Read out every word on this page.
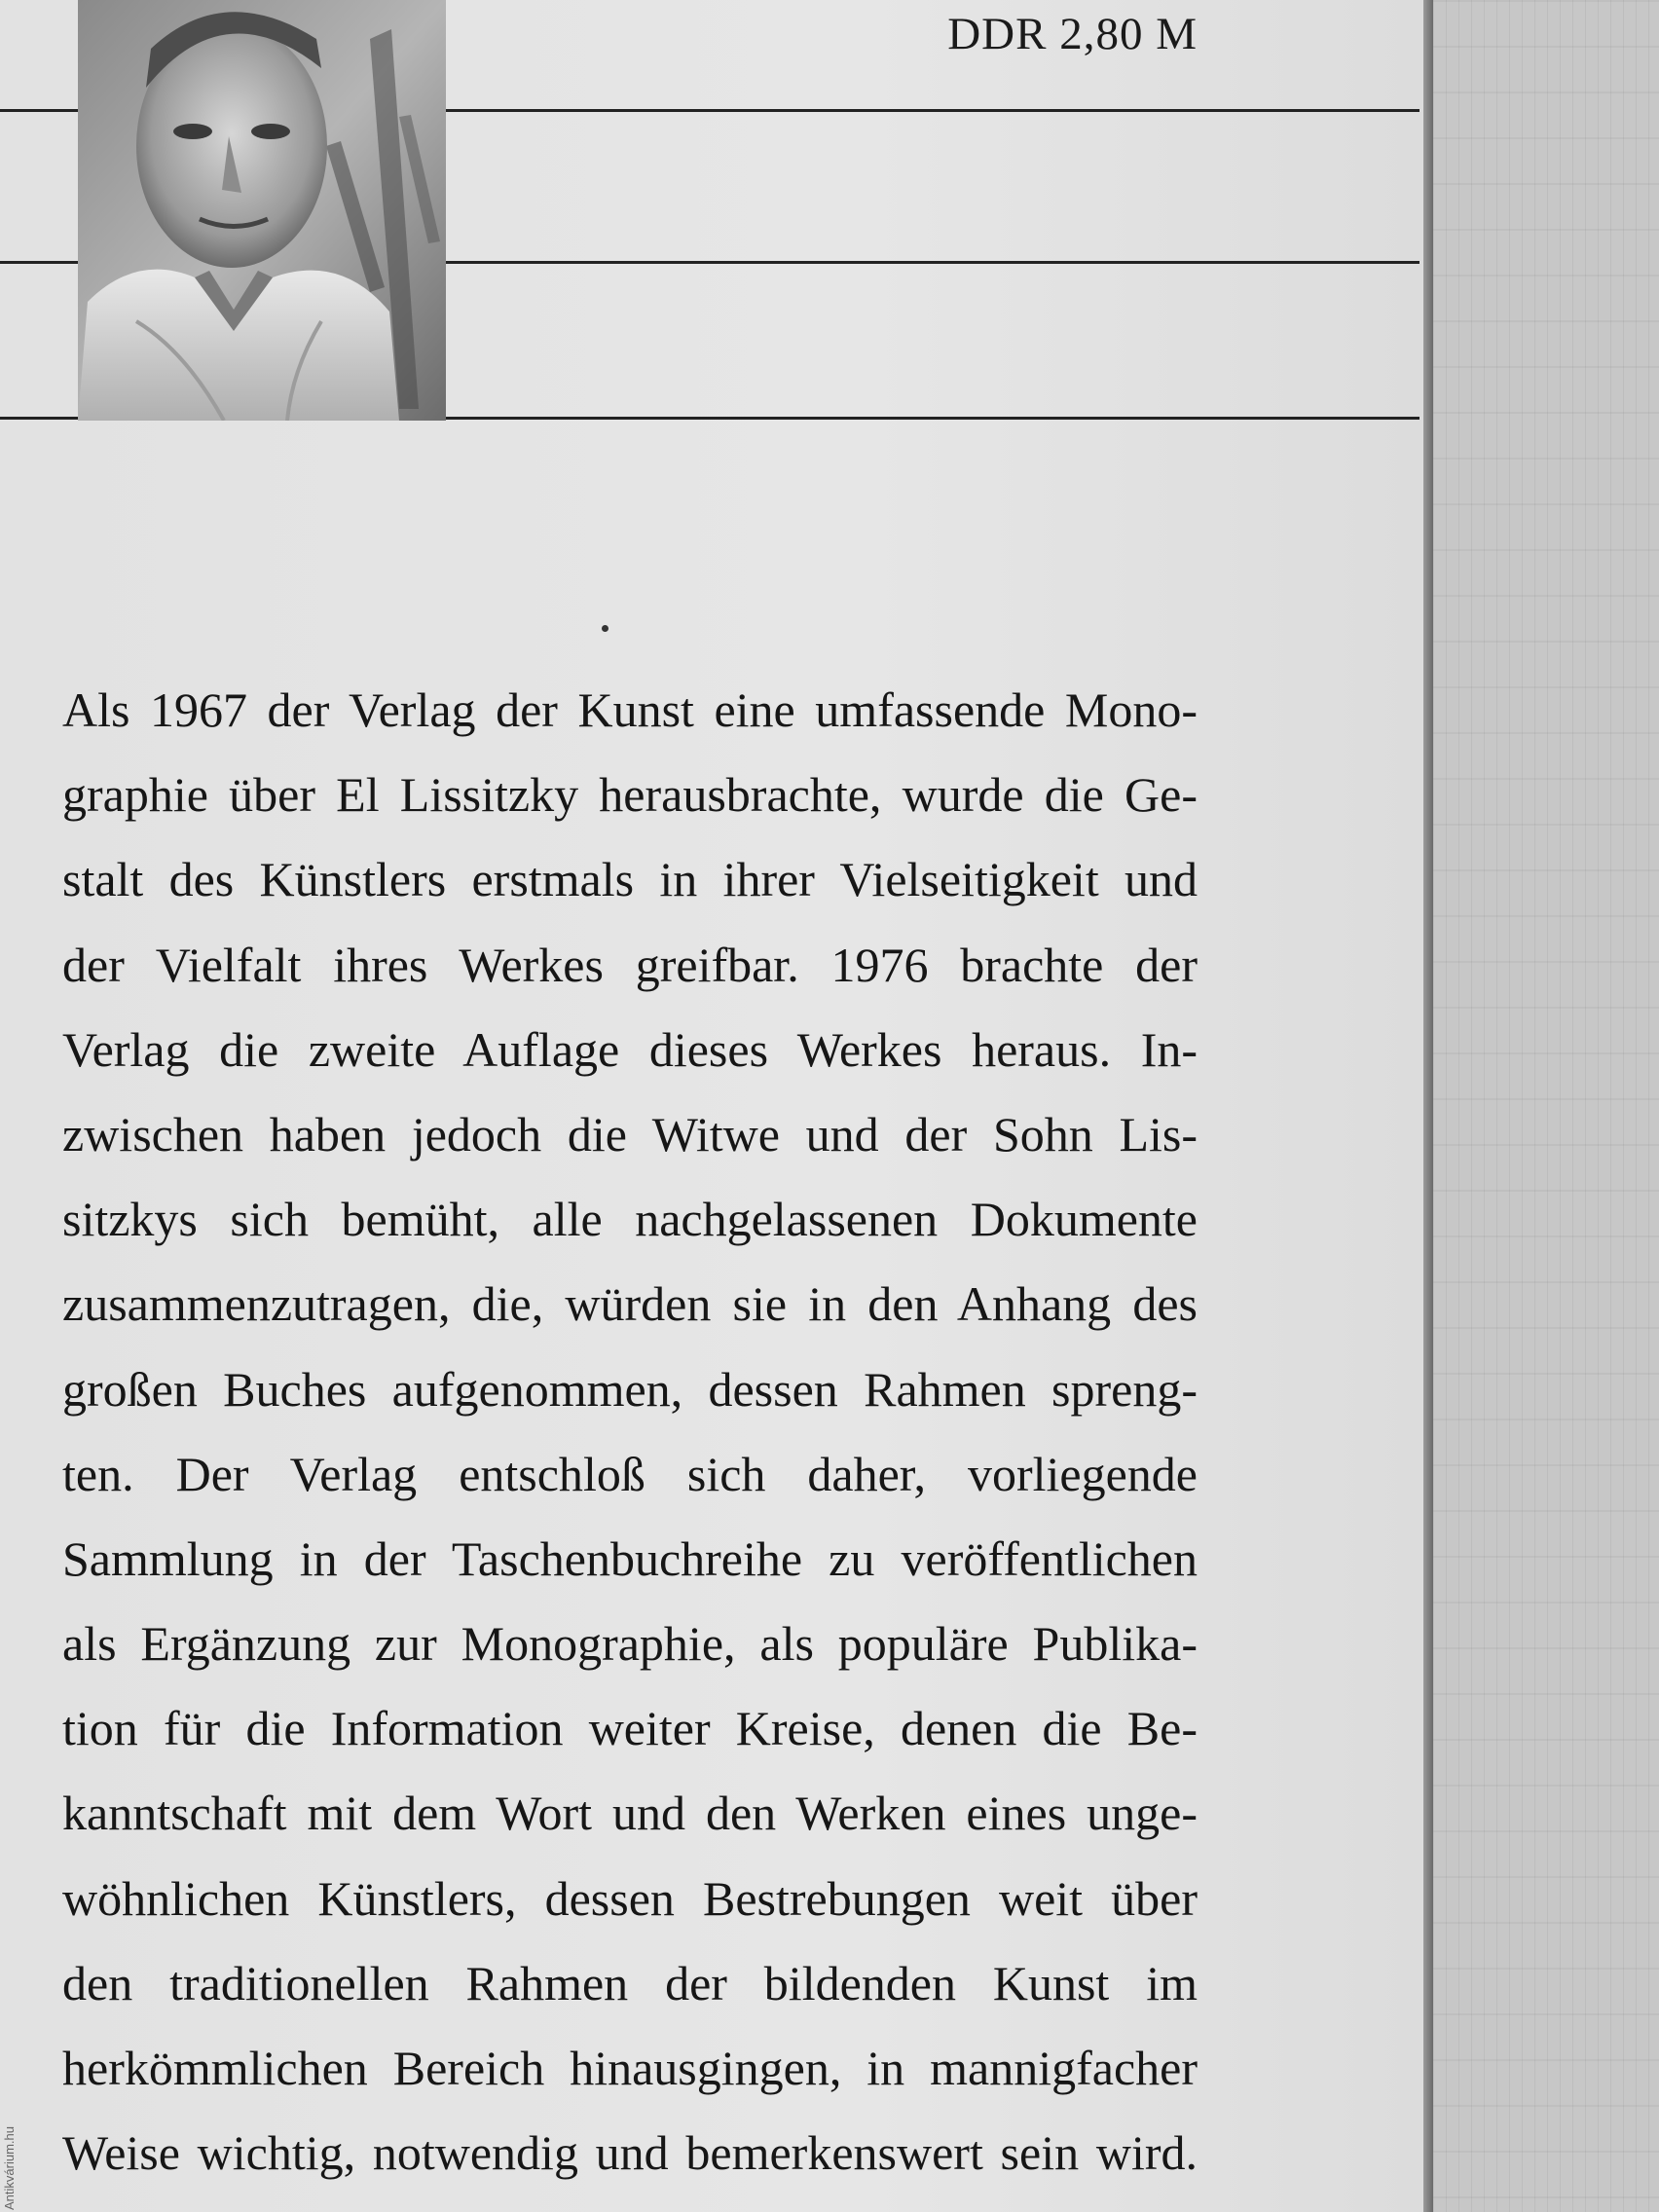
DDR 2,80 M
Als 1967 der Verlag der Kunst eine umfassende Mono-
graphie über El Lissitzky herausbrachte, wurde die Ge-
stalt des Künstlers erstmals in ihrer Vielseitigkeit und
der Vielfalt ihres Werkes greifbar. 1976 brachte der
Verlag die zweite Auflage dieses Werkes heraus. In-
zwischen haben jedoch die Witwe und der Sohn Lis-
sitzkys sich bemüht, alle nachgelassenen Dokumente
zusammenzutragen, die, würden sie in den Anhang des
großen Buches aufgenommen, dessen Rahmen spreng-
ten. Der Verlag entschloß sich daher, vorliegende
Sammlung in der Taschenbuchreihe zu veröffentlichen
als Ergänzung zur Monographie, als populäre Publika-
tion für die Information weiter Kreise, denen die Be-
kanntschaft mit dem Wort und den Werken eines unge-
wöhnlichen Künstlers, dessen Bestrebungen weit über
den traditionellen Rahmen der bildenden Kunst im
herkömmlichen Bereich hinausgingen, in mannigfacher
Weise wichtig, notwendig und bemerkenswert sein wird.
Antikvárium.hu
